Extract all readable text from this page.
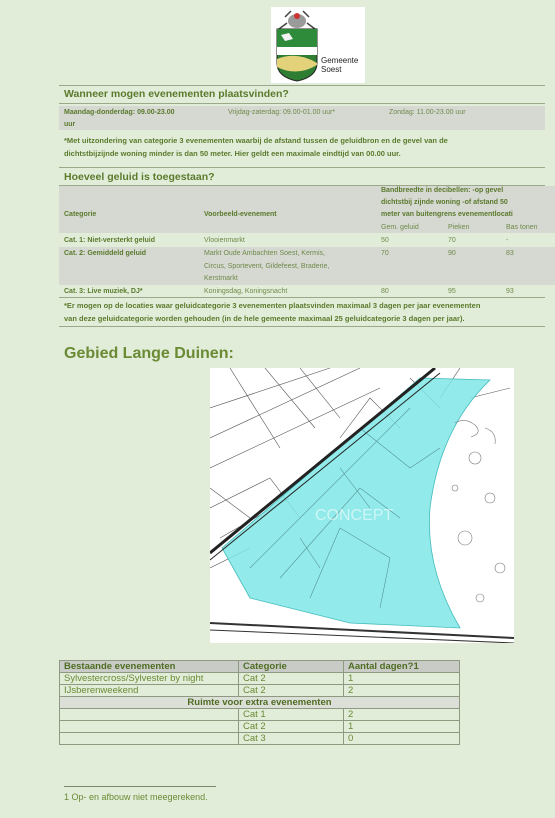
Gemeente
Soest
Wanneer mogen evenementen plaatsvinden?
Maandag-donderdag: 09.00-23.00
uur
Vrijdag-zaterdag: 09.00-01.00 uur*	Zondag: 11.00-23.00 uur
*Met uitzondering van categorie 3 evenementen waarbij de afstand tussen de geluidbron en de gevel van de
dichtstbijzijnde woning minder is dan 50 meter. Hier geldt een maximale eindtijd van 00.00 uur.
Hoeveel geluid is toegestaan?
Bandbreedte in decibellen: -op gevel
dichtstbij zijnde woning -of afstand 50
meter van buitengrens evenementlocati
Categorie	Voorbeeld-evenement
Gem. geluid	Pieken	Bas tonen
Cat. 1: Niet-versterkt geluid	Vlooienmarkt	50	70	-
Cat. 2: Gemiddeld geluid	Markt Oude Ambachten Soest, Kermis,
Circus, Sportevent, Gildefeest, Braderie,
Kerstmarkt
70	90	83
Cat. 3: Live muziek, DJ*	Koningsdag, Koningsnacht	80	95	93
*Er mogen op de locaties waar geluidcategorie 3 evenementen plaatsvinden maximaal 3 dagen per jaar evenementen
van deze geluidcategorie worden gehouden (in de hele gemeente maximaal 25 geluidcategorie 3 dagen per jaar).
Gebied Lange Duinen:
CONCEPT
Bestaande evenementen	Categorie	Aantal dagen?1
Sylvestercross/Sylvester by night	Cat 2	1
IJsberenweekend	Cat 2	2
Ruimte voor extra evenementen		
	Cat 1	2
	Cat 2	1
	Cat 3	0
1 Op- en afbouw niet meegerekend.
